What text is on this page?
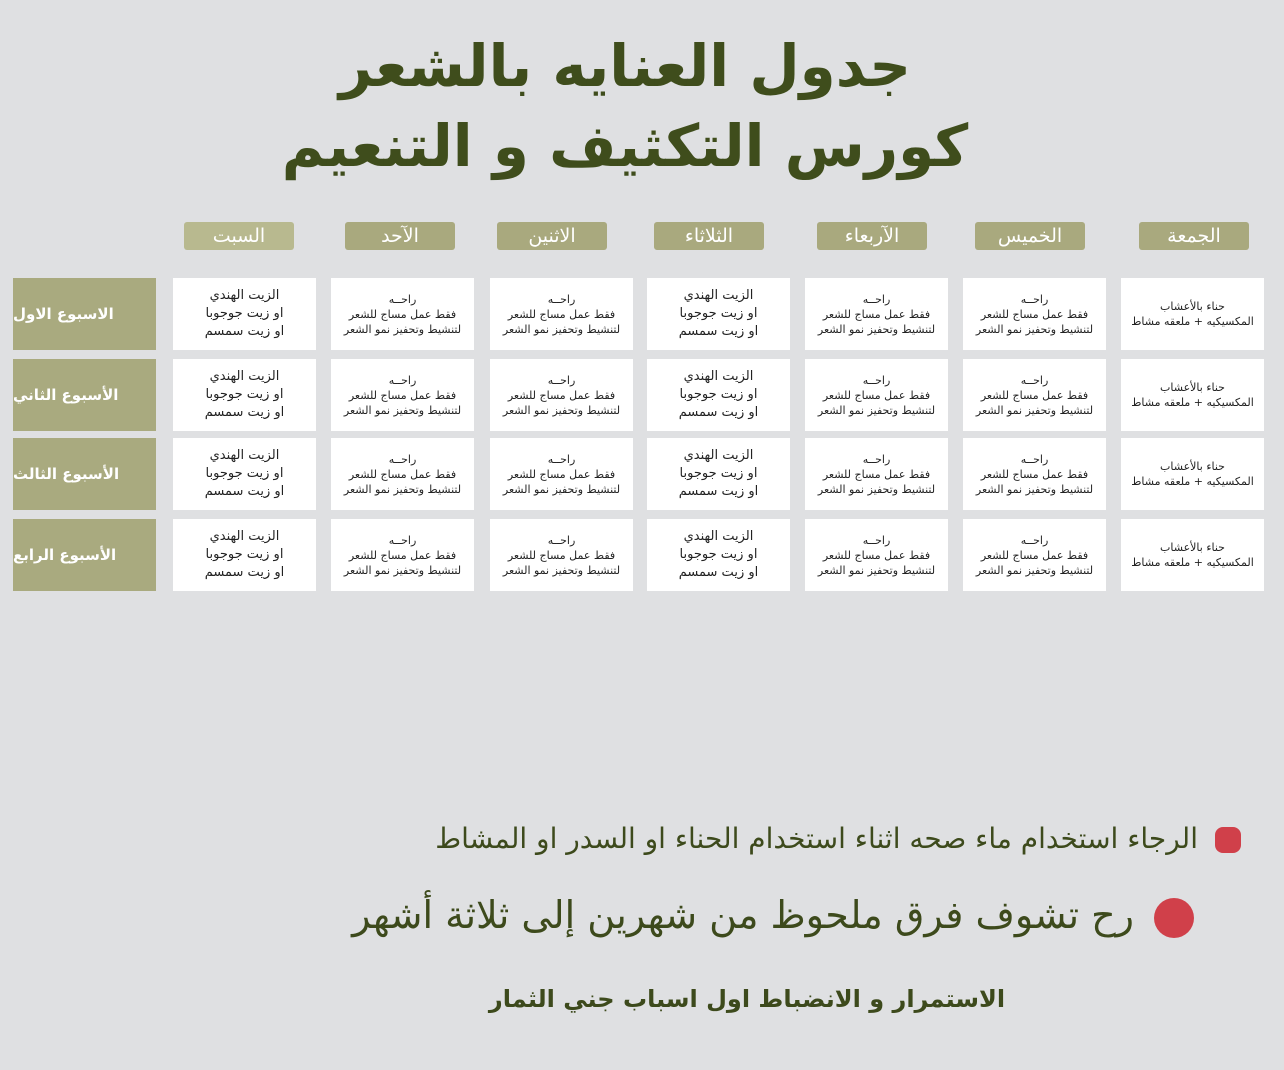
جدول العنايه بالشعر
كورس التكثيف و التنعيم
الجمعة
الخميس
الآربعاء
الثلاثاء
الاثنين
الآحد
السبت
الاسبوع الاول
الأسبوع الثاني
الأسبوع الثالث
الأسبوع الرابع
حناء بالأعشاب
المكسيكيه + ملعقه مشاط
راحــه
فقط عمل مساج للشعر
لتنشيط وتحفيز نمو الشعر
راحــه
فقط عمل مساج للشعر
لتنشيط وتحفيز نمو الشعر
الزيت الهندي
او زيت جوجوبا
او زيت سمسم
راحــه
فقط عمل مساج للشعر
لتنشيط وتحفيز نمو الشعر
راحــه
فقط عمل مساج للشعر
لتنشيط وتحفيز نمو الشعر
الزيت الهندي
او زيت جوجوبا
او زيت سمسم
حناء بالأعشاب
المكسيكيه + ملعقه مشاط
راحــه
فقط عمل مساج للشعر
لتنشيط وتحفيز نمو الشعر
راحــه
فقط عمل مساج للشعر
لتنشيط وتحفيز نمو الشعر
الزيت الهندي
او زيت جوجوبا
او زيت سمسم
راحــه
فقط عمل مساج للشعر
لتنشيط وتحفيز نمو الشعر
راحــه
فقط عمل مساج للشعر
لتنشيط وتحفيز نمو الشعر
الزيت الهندي
او زيت جوجوبا
او زيت سمسم
حناء بالأعشاب
المكسيكيه + ملعقه مشاط
راحــه
فقط عمل مساج للشعر
لتنشيط وتحفيز نمو الشعر
راحــه
فقط عمل مساج للشعر
لتنشيط وتحفيز نمو الشعر
الزيت الهندي
او زيت جوجوبا
او زيت سمسم
راحــه
فقط عمل مساج للشعر
لتنشيط وتحفيز نمو الشعر
راحــه
فقط عمل مساج للشعر
لتنشيط وتحفيز نمو الشعر
الزيت الهندي
او زيت جوجوبا
او زيت سمسم
حناء بالأعشاب
المكسيكيه + ملعقه مشاط
راحــه
فقط عمل مساج للشعر
لتنشيط وتحفيز نمو الشعر
راحــه
فقط عمل مساج للشعر
لتنشيط وتحفيز نمو الشعر
الزيت الهندي
او زيت جوجوبا
او زيت سمسم
راحــه
فقط عمل مساج للشعر
لتنشيط وتحفيز نمو الشعر
راحــه
فقط عمل مساج للشعر
لتنشيط وتحفيز نمو الشعر
الزيت الهندي
او زيت جوجوبا
او زيت سمسم
الرجاء استخدام ماء صحه اثناء استخدام الحناء او السدر او المشاط
رح تشوف فرق ملحوظ من شهرين إلى ثلاثة أشهر
الاستمرار و الانضباط اول اسباب جني الثمار
